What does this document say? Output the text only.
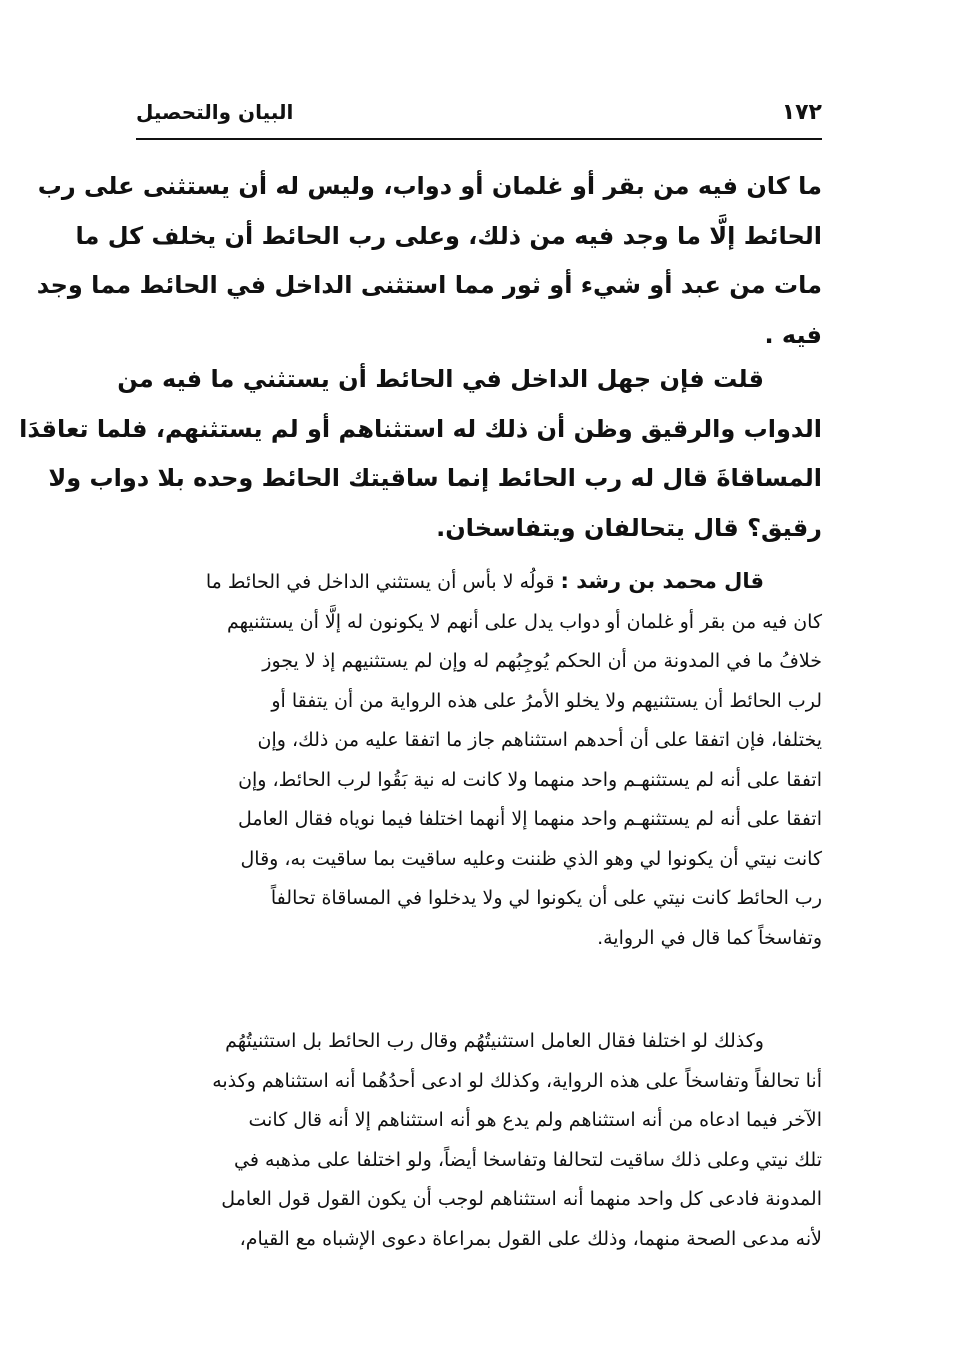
١٧٢
البيان والتحصيل
ما كان فيه من بقر أو غلمان أو دواب، وليس له أن يستثنى على رب
الحائط إلَّا ما وجد فيه من ذلك، وعلى رب الحائط أن يخلف كل ما
مات من عبد أو شيء أو ثور مما استثنى الداخل في الحائط مما وجد
فيه .
قلت فإن جهل الداخل في الحائط أن يستثني ما فيه من
الدواب والرقيق وظن أن ذلك له استثناهم أو لم يستثنهم، فلما تعاقدَا
المساقاةَ قال له رب الحائط إنما ساقيتك الحائط وحده بلا دواب ولا
رقيق؟ قال يتحالفان ويتفاسخان.
قال محمد بن رشد : قولُه لا بأس أن يستثني الداخل في الحائط ما
كان فيه من بقر أو غلمان أو دواب يدل على أنهم لا يكونون له إلَّا أن يستثنيهم
خلافُ ما في المدونة من أن الحكم يُوجِبُهم له وإن لم يستثنيهم إذ لا يجوز
لرب الحائط أن يستثنيهم ولا يخلو الأمرُ على هذه الرواية من أن يتفقا أو
يختلفا، فإن اتفقا على أن أحدهم استثناهم جاز ما اتفقا عليه من ذلك، وإن
اتفقا على أنه لم يستثنهـم واحد منهما ولا كانت له نية بَقُوا لرب الحائط، وإن
اتفقا على أنه لم يستثنهـم واحد منهما إلا أنهما اختلفا فيما نوياه فقال العامل
كانت نيتي أن يكونوا لي وهو الذي ظننت وعليه ساقيت بما ساقيت به، وقال
رب الحائط كانت نيتي على أن يكونوا لي ولا يدخلوا في المساقاة تحالفاً
وتفاسخاً كما قال في الرواية.
وكذلك لو اختلفا فقال العامل استثنيتُهُم وقال رب الحائط بل استثنيتُهُم
أنا تحالفاً وتفاسخاً على هذه الرواية، وكذلك لو ادعى أحدُهُما أنه استثناهم وكذبه
الآخر فيما ادعاه من أنه استثناهم ولم يدع هو أنه استثناهم إلا أنه قال كانت
تلك نيتي وعلى ذلك ساقيت لتحالفا وتفاسخا أيضاً، ولو اختلفا على مذهبه في
المدونة فادعى كل واحد منهما أنه استثناهم لوجب أن يكون القول قول العامل
لأنه مدعى الصحة منهما، وذلك على القول بمراعاة دعوى الإشباه مع القيام،
